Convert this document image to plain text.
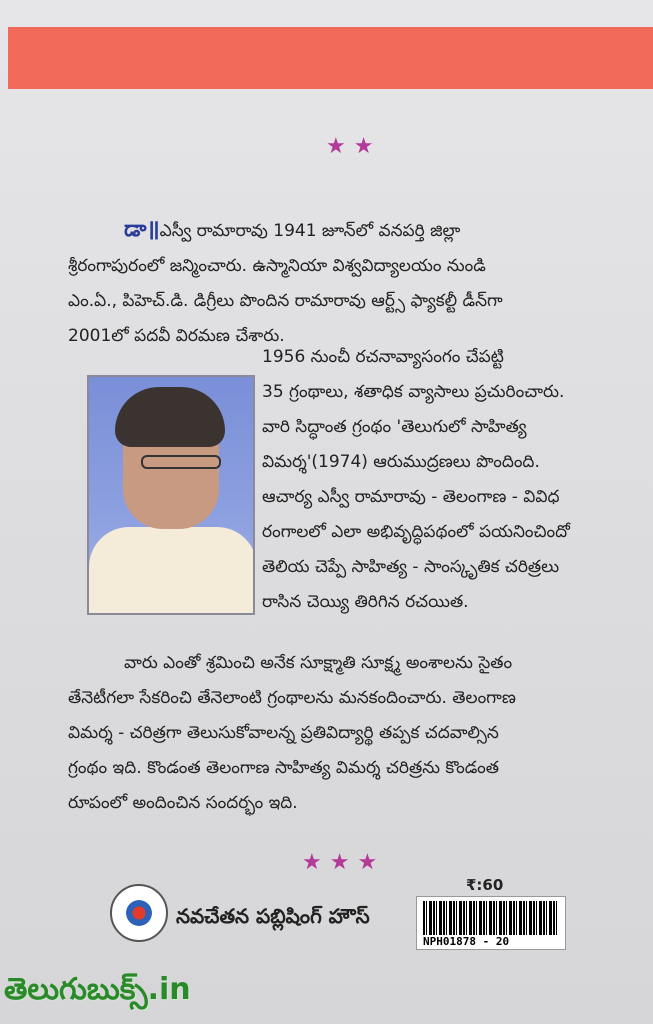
★★

డా॥ఎస్వీ రామారావు 1941 జూన్‌లో వనపర్తి జిల్లా
శ్రీరంగాపురంలో జన్మించారు. ఉస్మానియా విశ్వవిద్యాలయం నుండి
ఎం.ఏ., పిహెచ్.డి. డిగ్రీలు పొందిన రామారావు ఆర్ట్స్ ఫ్యాకల్టీ డీన్‌గా
2001లో పదవీ విరమణ చేశారు.

1956 నుంచీ రచనావ్యాసంగం చేపట్టి
35 గ్రంథాలు, శతాధిక వ్యాసాలు ప్రచురించారు.
వారి సిద్ధాంత గ్రంథం 'తెలుగులో సాహిత్య
విమర్శ'(1974) ఆరుముద్రణలు పొందింది.
ఆచార్య ఎస్వీ రామారావు - తెలంగాణ - వివిధ
రంగాలలో ఎలా అభివృద్ధిపథంలో పయనించిందో
తెలియ చెప్పే సాహిత్య - సాంస్కృతిక చరిత్రలు
రాసిన చెయ్యి తిరిగిన రచయిత.

వారు ఎంతో శ్రమించి అనేక సూక్ష్మాతి సూక్ష్మ అంశాలను సైతం
తేనెటీగలా సేకరించి తేనెలాంటి గ్రంథాలను మనకందించారు. తెలంగాణ
విమర్శ - చరిత్రగా తెలుసుకోవాలన్న ప్రతివిద్యార్థి తప్పక చదవాల్సిన
గ్రంథం ఇది. కొండంత తెలంగాణ సాహిత్య విమర్శ చరిత్రను కొండంత
రూపంలో అందించిన సందర్భం ఇది.

★★★
నవచేతన పబ్లిషింగ్ హౌస్
₹:60
NPH01878 - 20
తెలుగుబుక్స్.in
